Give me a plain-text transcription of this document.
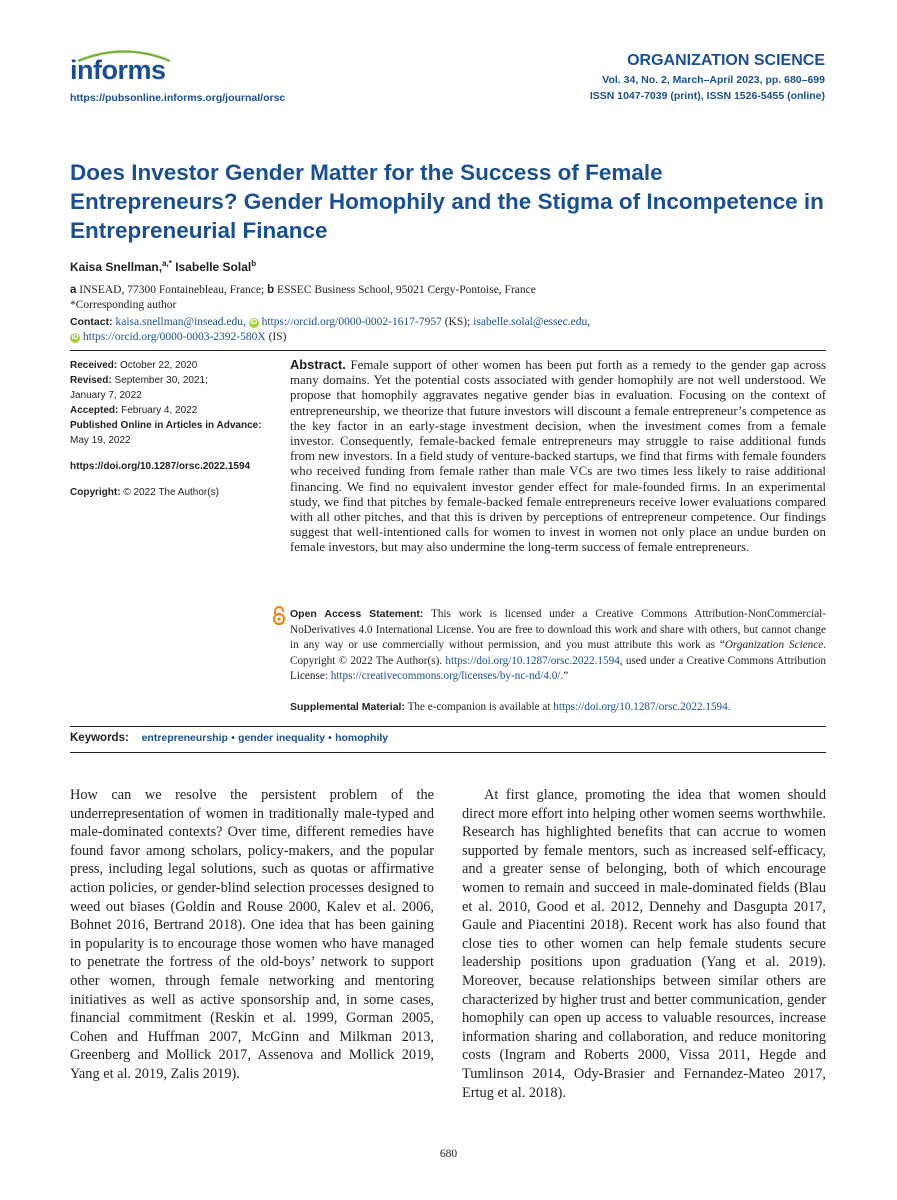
informs
https://pubsonline.informs.org/journal/orsc
ORGANIZATION SCIENCE
Vol. 34, No. 2, March–April 2023, pp. 680–699
ISSN 1047-7039 (print), ISSN 1526-5455 (online)
Does Investor Gender Matter for the Success of Female Entrepreneurs? Gender Homophily and the Stigma of Incompetence in Entrepreneurial Finance
Kaisa Snellman,$^{a,*}$ Isabelle Solal$^b$
a INSEAD, 77300 Fontainebleau, France; b ESSEC Business School, 95021 Cergy-Pontoise, France
*Corresponding author
Contact: kaisa.snellman@insead.edu, iD https://orcid.org/0000-0002-1617-7957 (KS); isabelle.solal@essec.edu,
iD https://orcid.org/0000-0003-2392-580X (IS)
Received: October 22, 2020
Revised: September 30, 2021;
January 7, 2022
Accepted: February 4, 2022
Published Online in Articles in Advance:
May 19, 2022
https://doi.org/10.1287/orsc.2022.1594
Copyright: © 2022 The Author(s)
Abstract. Female support of other women has been put forth as a remedy to the gender gap across many domains. Yet the potential costs associated with gender homophily are not well understood. We propose that homophily aggravates negative gender bias in evaluation. Focusing on the context of entrepreneurship, we theorize that future investors will discount a female entrepreneur’s competence as the key factor in an early-stage investment decision, when the investment comes from a female investor. Consequently, female-backed female entrepreneurs may struggle to raise additional funds from new investors. In a field study of venture-backed startups, we find that firms with female founders who received funding from female rather than male VCs are two times less likely to raise additional financing. We find no equivalent investor gender effect for male-founded firms. In an experimental study, we find that pitches by female-backed female entrepreneurs receive lower evaluations compared with all other pitches, and that this is driven by perceptions of entrepreneur competence. Our findings suggest that well-intentioned calls for women to invest in women not only place an undue burden on female investors, but may also undermine the long-term success of female entrepreneurs.
Open Access Statement: This work is licensed under a Creative Commons Attribution-NonCommercial-NoDerivatives 4.0 International License. You are free to download this work and share with others, but cannot change in any way or use commercially without permission, and you must attribute this work as “Organization Science. Copyright © 2022 The Author(s). https://doi.org/10.1287/orsc.2022.1594, used under a Creative Commons Attribution License: https://creativecommons.org/licenses/by-nc-nd/4.0/.”
Supplemental Material: The e-companion is available at https://doi.org/10.1287/orsc.2022.1594.
Keywords: entrepreneurship • gender inequality • homophily

How can we resolve the persistent problem of the underrepresentation of women in traditionally male-typed and male-dominated contexts? Over time, different remedies have found favor among scholars, policy-makers, and the popular press, including legal solutions, such as quotas or affirmative action policies, or gender-blind selection processes designed to weed out biases (Goldin and Rouse 2000, Kalev et al. 2006, Bohnet 2016, Bertrand 2018). One idea that has been gaining in popularity is to encourage those women who have managed to penetrate the fortress of the old-boys’ network to support other women, through female networking and mentoring initiatives as well as active sponsorship and, in some cases, financial commitment (Reskin et al. 1999, Gorman 2005, Cohen and Huffman 2007, McGinn and Milkman 2013, Greenberg and Mollick 2017, Assenova and Mollick 2019, Yang et al. 2019, Zalis 2019).

At first glance, promoting the idea that women should direct more effort into helping other women seems worthwhile. Research has highlighted benefits that can accrue to women supported by female mentors, such as increased self-efficacy, and a greater sense of belonging, both of which encourage women to remain and succeed in male-dominated fields (Blau et al. 2010, Good et al. 2012, Dennehy and Dasgupta 2017, Gaule and Piacentini 2018). Recent work has also found that close ties to other women can help female students secure leadership positions upon graduation (Yang et al. 2019). Moreover, because relationships between similar others are characterized by higher trust and better communication, gender homophily can open up access to valuable resources, increase information sharing and collaboration, and reduce monitoring costs (Ingram and Roberts 2000, Vissa 2011, Hegde and Tumlinson 2014, Ody-Brasier and Fernandez-Mateo 2017, Ertug et al. 2018).

680
